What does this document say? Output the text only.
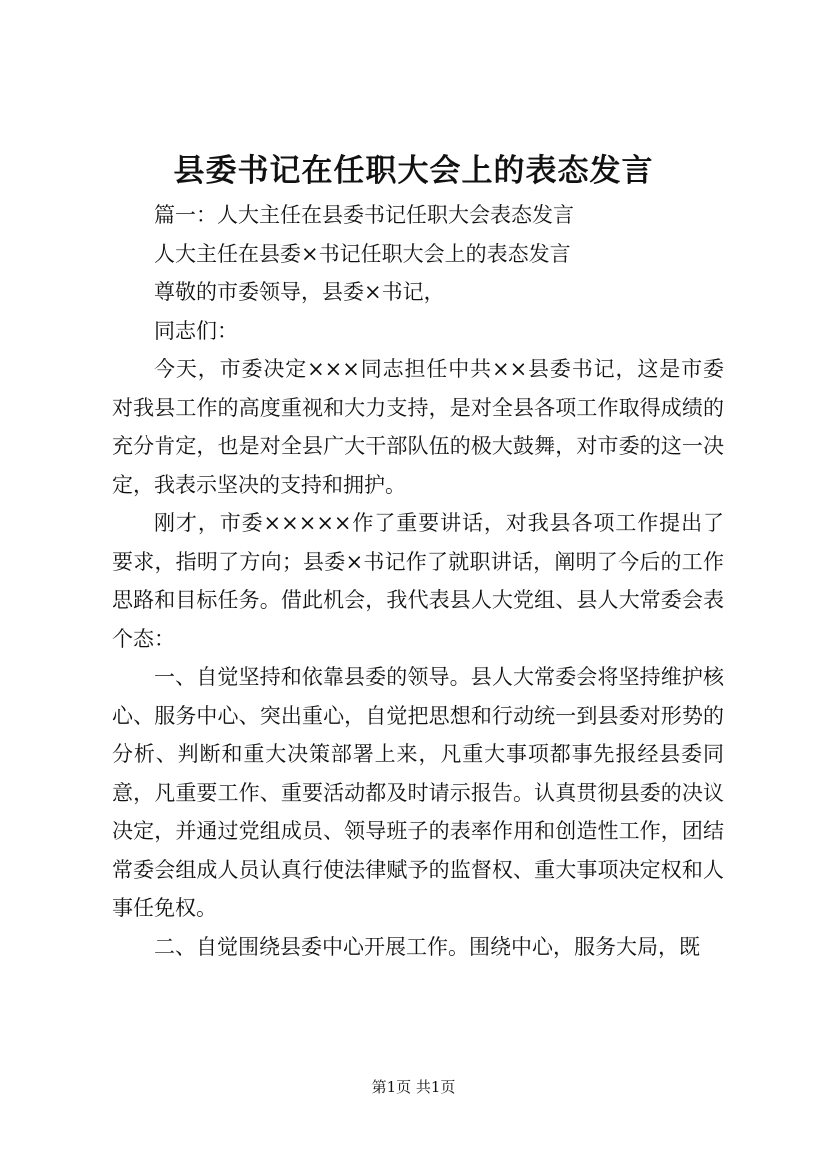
县委书记在任职大会上的表态发言

篇一：人大主任在县委书记任职大会表态发言

人大主任在县委×书记任职大会上的表态发言

尊敬的市委领导，县委×书记，

同志们：

今天，市委决定×××同志担任中共××县委书记，这是市委对我县工作的高度重视和大力支持，是对全县各项工作取得成绩的充分肯定，也是对全县广大干部队伍的极大鼓舞，对市委的这一决定，我表示坚决的支持和拥护。

刚才，市委×××××作了重要讲话，对我县各项工作提出了要求，指明了方向；县委×书记作了就职讲话，阐明了今后的工作思路和目标任务。借此机会，我代表县人大党组、县人大常委会表个态：

一、自觉坚持和依靠县委的领导。县人大常委会将坚持维护核心、服务中心、突出重心，自觉把思想和行动统一到县委对形势的分析、判断和重大决策部署上来，凡重大事项都事先报经县委同意，凡重要工作、重要活动都及时请示报告。认真贯彻县委的决议决定，并通过党组成员、领导班子的表率作用和创造性工作，团结常委会组成人员认真行使法律赋予的监督权、重大事项决定权和人事任免权。

二、自觉围绕县委中心开展工作。围绕中心，服务大局，既

第1页 共1页
